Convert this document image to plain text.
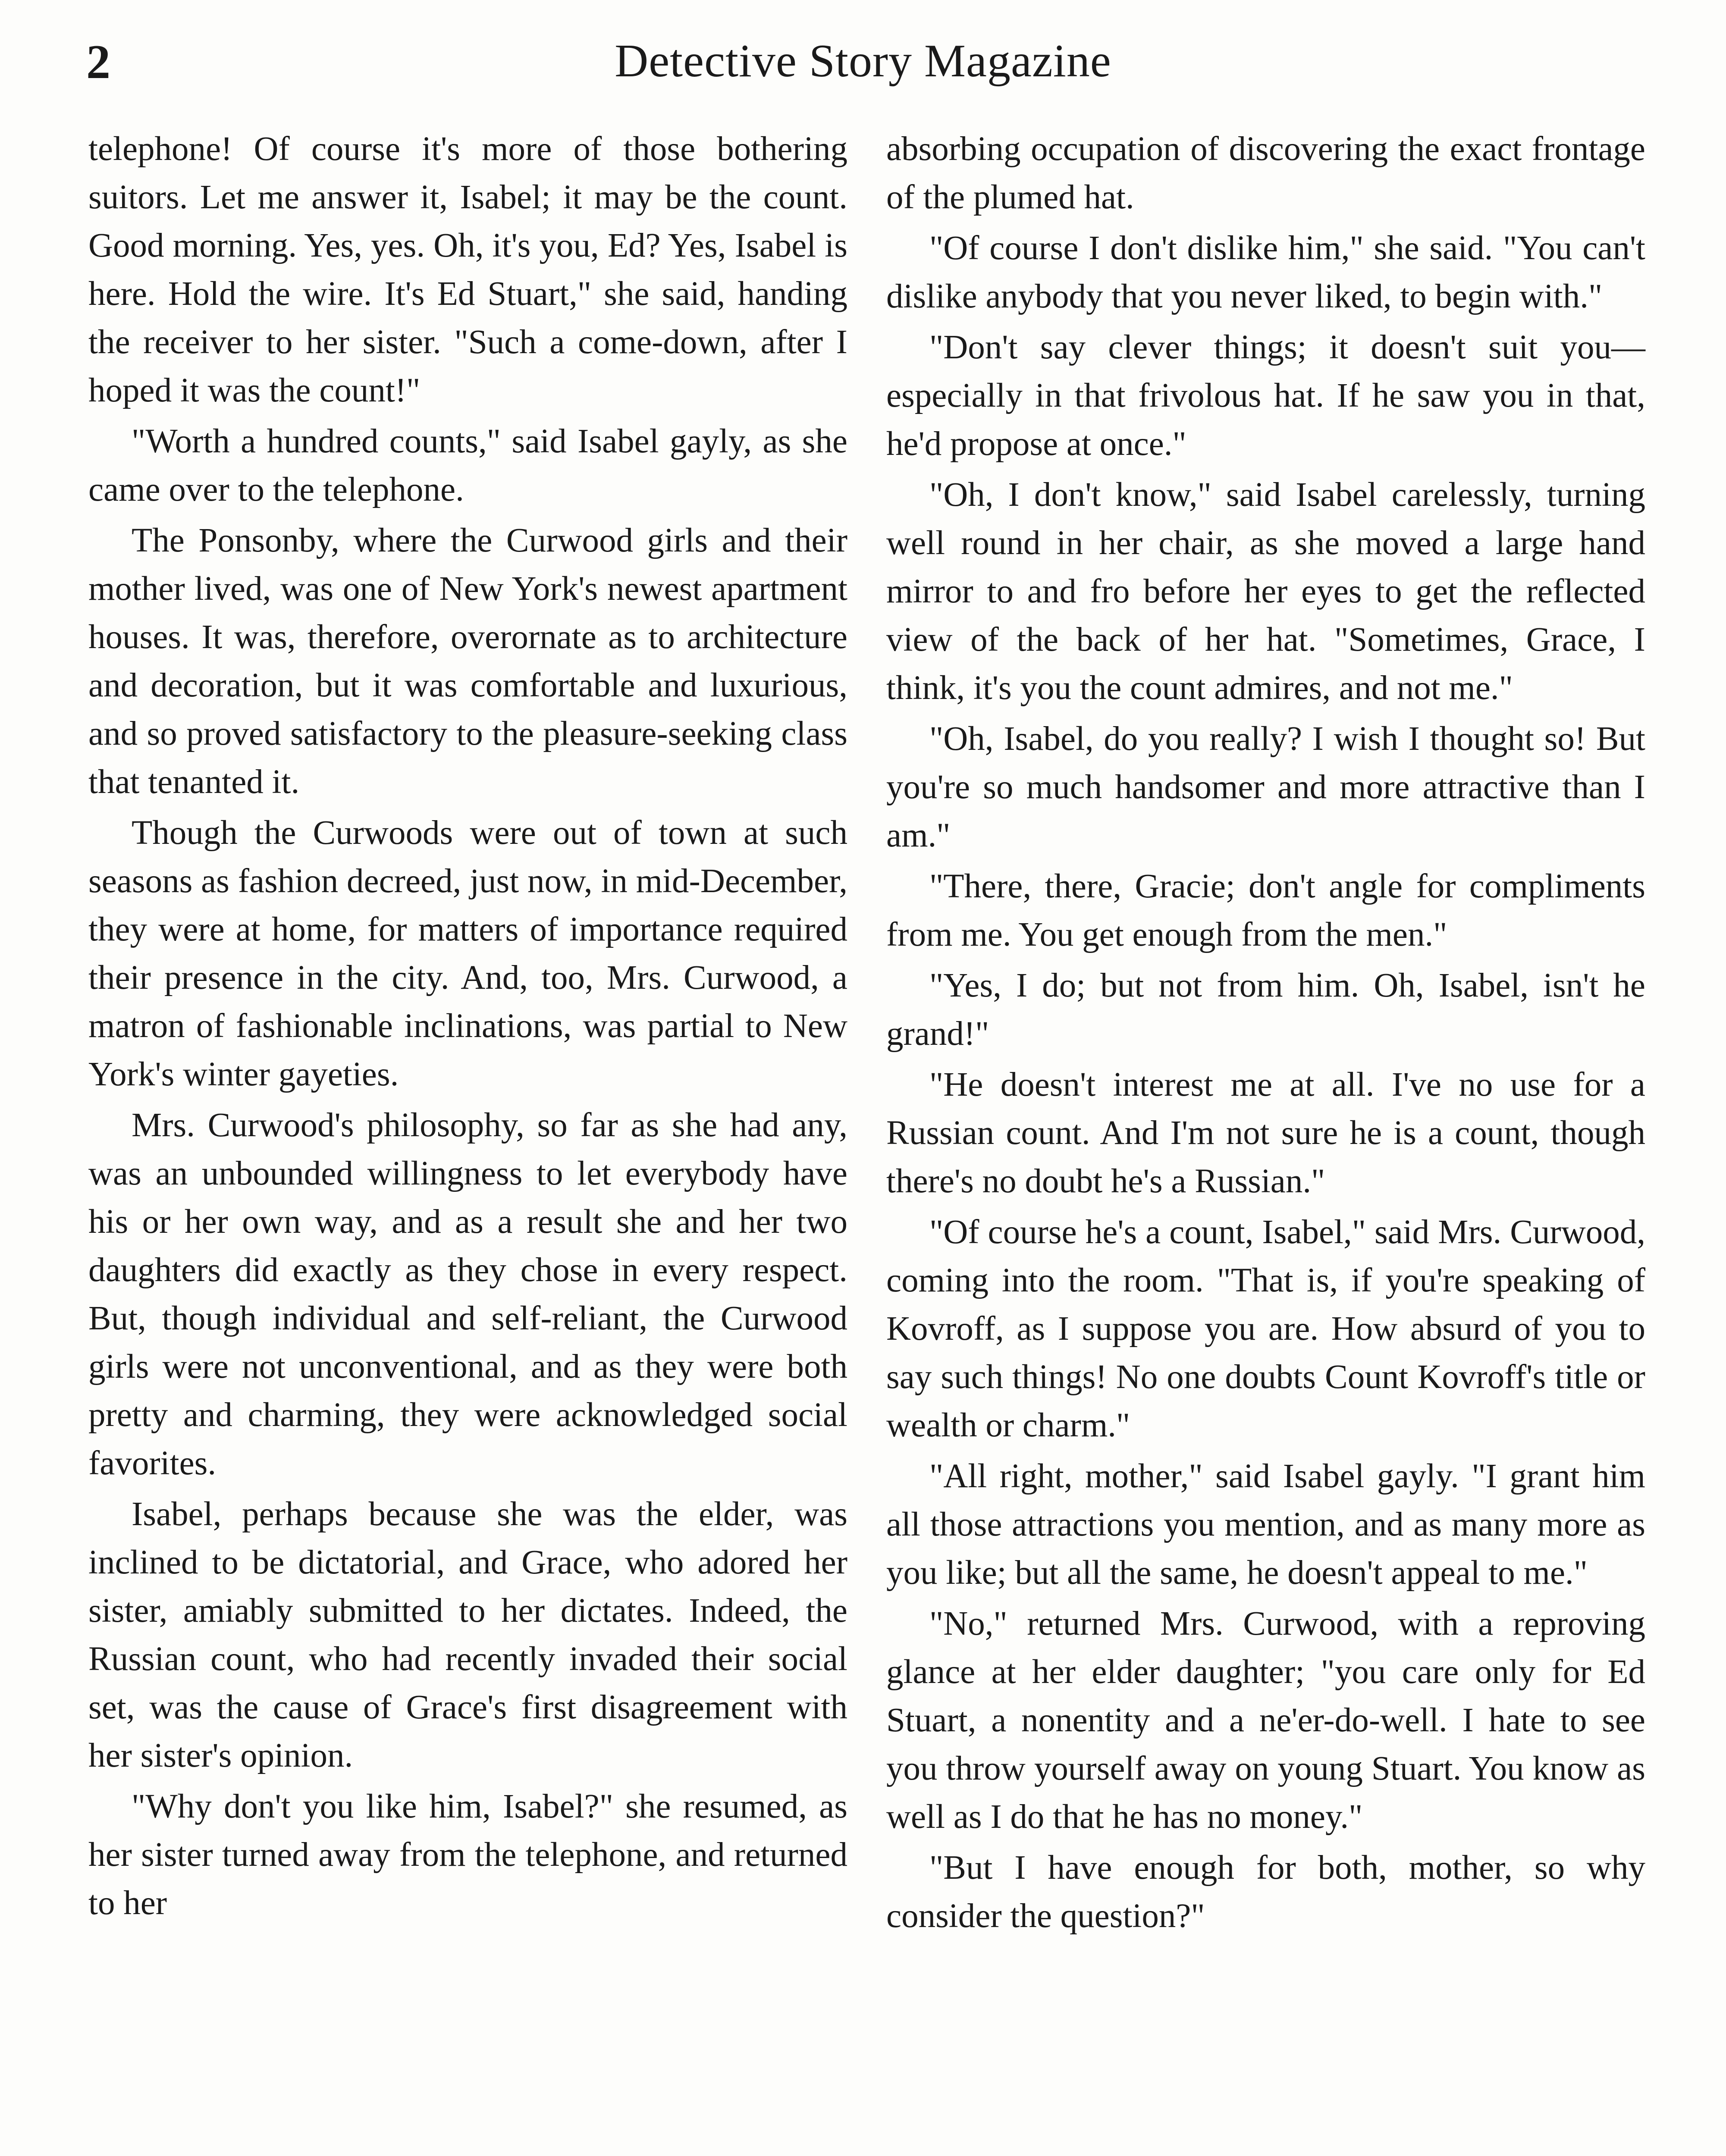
2	Detective Story Magazine

telephone! Of course it's more of those bothering suitors. Let me answer it, Isabel; it may be the count. Good morning. Yes, yes. Oh, it's you, Ed? Yes, Isabel is here. Hold the wire. It's Ed Stuart," she said, handing the receiver to her sister. "Such a come-down, after I hoped it was the count!"

"Worth a hundred counts," said Isabel gayly, as she came over to the telephone.

The Ponsonby, where the Curwood girls and their mother lived, was one of New York's newest apartment houses. It was, therefore, overornate as to architecture and decoration, but it was comfortable and luxurious, and so proved satisfactory to the pleasure-seeking class that tenanted it.

Though the Curwoods were out of town at such seasons as fashion decreed, just now, in mid-December, they were at home, for matters of importance required their presence in the city. And, too, Mrs. Curwood, a matron of fashionable inclinations, was partial to New York's winter gayeties.

Mrs. Curwood's philosophy, so far as she had any, was an unbounded willingness to let everybody have his or her own way, and as a result she and her two daughters did exactly as they chose in every respect. But, though individual and self-reliant, the Curwood girls were not unconventional, and as they were both pretty and charming, they were acknowledged social favorites.

Isabel, perhaps because she was the elder, was inclined to be dictatorial, and Grace, who adored her sister, amiably submitted to her dictates. Indeed, the Russian count, who had recently invaded their social set, was the cause of Grace's first disagreement with her sister's opinion.

"Why don't you like him, Isabel?" she resumed, as her sister turned away from the telephone, and returned to her

absorbing occupation of discovering the exact frontage of the plumed hat.

"Of course I don't dislike him," she said. "You can't dislike anybody that you never liked, to begin with."

"Don't say clever things; it doesn't suit you—especially in that frivolous hat. If he saw you in that, he'd propose at once."

"Oh, I don't know," said Isabel carelessly, turning well round in her chair, as she moved a large hand mirror to and fro before her eyes to get the reflected view of the back of her hat. "Sometimes, Grace, I think, it's you the count admires, and not me."

"Oh, Isabel, do you really? I wish I thought so! But you're so much handsomer and more attractive than I am."

"There, there, Gracie; don't angle for compliments from me. You get enough from the men."

"Yes, I do; but not from him. Oh, Isabel, isn't he grand!"

"He doesn't interest me at all. I've no use for a Russian count. And I'm not sure he is a count, though there's no doubt he's a Russian."

"Of course he's a count, Isabel," said Mrs. Curwood, coming into the room. "That is, if you're speaking of Kovroff, as I suppose you are. How absurd of you to say such things! No one doubts Count Kovroff's title or wealth or charm."

"All right, mother," said Isabel gayly. "I grant him all those attractions you mention, and as many more as you like; but all the same, he doesn't appeal to me."

"No," returned Mrs. Curwood, with a reproving glance at her elder daughter; "you care only for Ed Stuart, a nonentity and a ne'er-do-well. I hate to see you throw yourself away on young Stuart. You know as well as I do that he has no money."

"But I have enough for both, mother, so why consider the question?"
